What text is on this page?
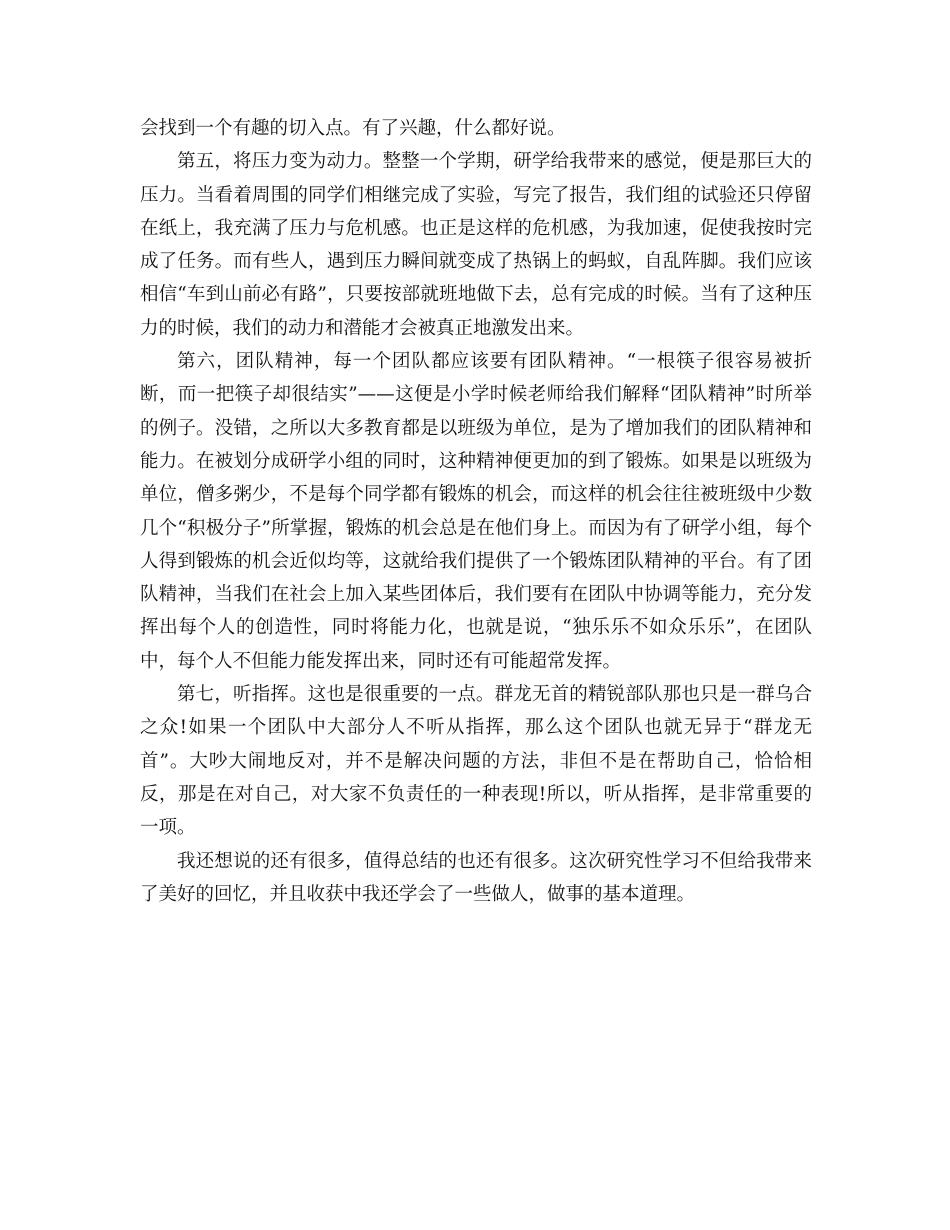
会找到一个有趣的切入点。有了兴趣，什么都好说。

第五，将压力变为动力。整整一个学期，研学给我带来的感觉，便是那巨大的压力。当看着周围的同学们相继完成了实验，写完了报告，我们组的试验还只停留在纸上，我充满了压力与危机感。也正是这样的危机感，为我加速，促使我按时完成了任务。而有些人，遇到压力瞬间就变成了热锅上的蚂蚁，自乱阵脚。我们应该相信“车到山前必有路”，只要按部就班地做下去，总有完成的时候。当有了这种压力的时候，我们的动力和潜能才会被真正地激发出来。

第六，团队精神，每一个团队都应该要有团队精神。“一根筷子很容易被折断，而一把筷子却很结实”——这便是小学时候老师给我们解释“团队精神”时所举的例子。没错，之所以大多教育都是以班级为单位，是为了增加我们的团队精神和能力。在被划分成研学小组的同时，这种精神便更加的到了锻炼。如果是以班级为单位，僧多粥少，不是每个同学都有锻炼的机会，而这样的机会往往被班级中少数几个“积极分子”所掌握，锻炼的机会总是在他们身上。而因为有了研学小组，每个人得到锻炼的机会近似均等，这就给我们提供了一个锻炼团队精神的平台。有了团队精神，当我们在社会上加入某些团体后，我们要有在团队中协调等能力，充分发挥出每个人的创造性，同时将能力化，也就是说，“独乐乐不如众乐乐”，在团队中，每个人不但能力能发挥出来，同时还有可能超常发挥。

第七，听指挥。这也是很重要的一点。群龙无首的精锐部队那也只是一群乌合之众!如果一个团队中大部分人不听从指挥，那么这个团队也就无异于“群龙无首”。大吵大闹地反对，并不是解决问题的方法，非但不是在帮助自己，恰恰相反，那是在对自己，对大家不负责任的一种表现!所以，听从指挥，是非常重要的一项。

我还想说的还有很多，值得总结的也还有很多。这次研究性学习不但给我带来了美好的回忆，并且收获中我还学会了一些做人，做事的基本道理。
